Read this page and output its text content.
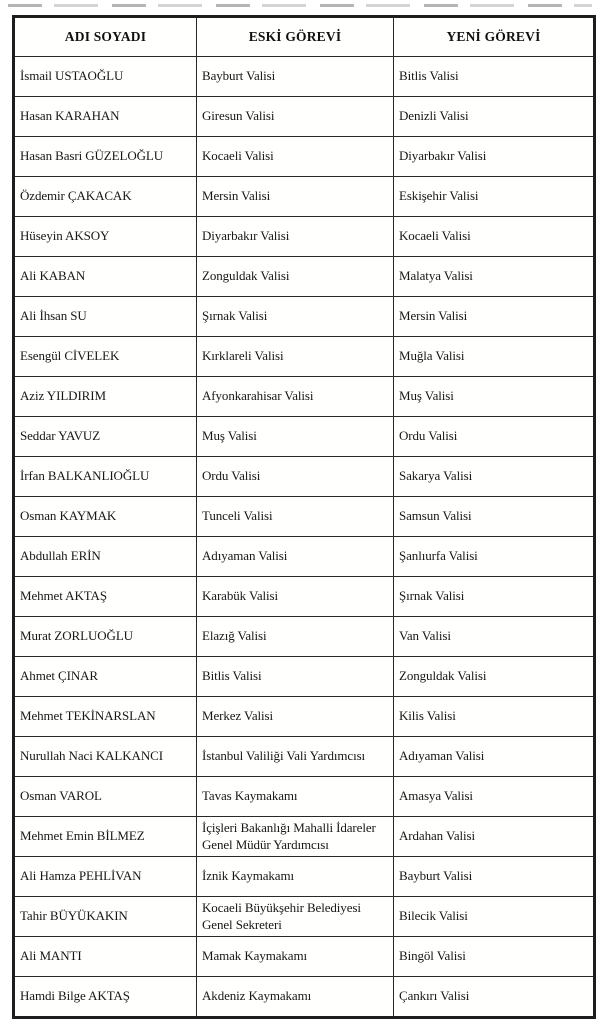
ADI SOYADI	ESKİ GÖREVİ	YENİ GÖREVİ
İsmail USTAOĞLU	Bayburt Valisi	Bitlis Valisi
Hasan KARAHAN	Giresun Valisi	Denizli Valisi
Hasan Basri GÜZELOĞLU	Kocaeli Valisi	Diyarbakır Valisi
Özdemir ÇAKACAK	Mersin Valisi	Eskişehir Valisi
Hüseyin AKSOY	Diyarbakır Valisi	Kocaeli Valisi
Ali KABAN	Zonguldak Valisi	Malatya Valisi
Ali İhsan SU	Şırnak Valisi	Mersin Valisi
Esengül CİVELEK	Kırklareli Valisi	Muğla Valisi
Aziz YILDIRIM	Afyonkarahisar Valisi	Muş Valisi
Seddar YAVUZ	Muş Valisi	Ordu Valisi
İrfan BALKANLIOĞLU	Ordu Valisi	Sakarya Valisi
Osman KAYMAK	Tunceli Valisi	Samsun Valisi
Abdullah ERİN	Adıyaman Valisi	Şanlıurfa Valisi
Mehmet AKTAŞ	Karabük Valisi	Şırnak Valisi
Murat ZORLUOĞLU	Elazığ Valisi	Van Valisi
Ahmet ÇINAR	Bitlis Valisi	Zonguldak Valisi
Mehmet TEKİNARSLAN	Merkez Valisi	Kilis Valisi
Nurullah Naci KALKANCI	İstanbul Valiliği Vali Yardımcısı	Adıyaman Valisi
Osman VAROL	Tavas Kaymakamı	Amasya Valisi
Mehmet Emin BİLMEZ	İçişleri Bakanlığı Mahalli İdareler Genel Müdür Yardımcısı	Ardahan Valisi
Ali Hamza PEHLİVAN	İznik Kaymakamı	Bayburt Valisi
Tahir BÜYÜKAKIN	Kocaeli Büyükşehir Belediyesi Genel Sekreteri	Bilecik Valisi
Ali MANTI	Mamak Kaymakamı	Bingöl Valisi
Hamdi Bilge AKTAŞ	Akdeniz Kaymakamı	Çankırı Valisi
